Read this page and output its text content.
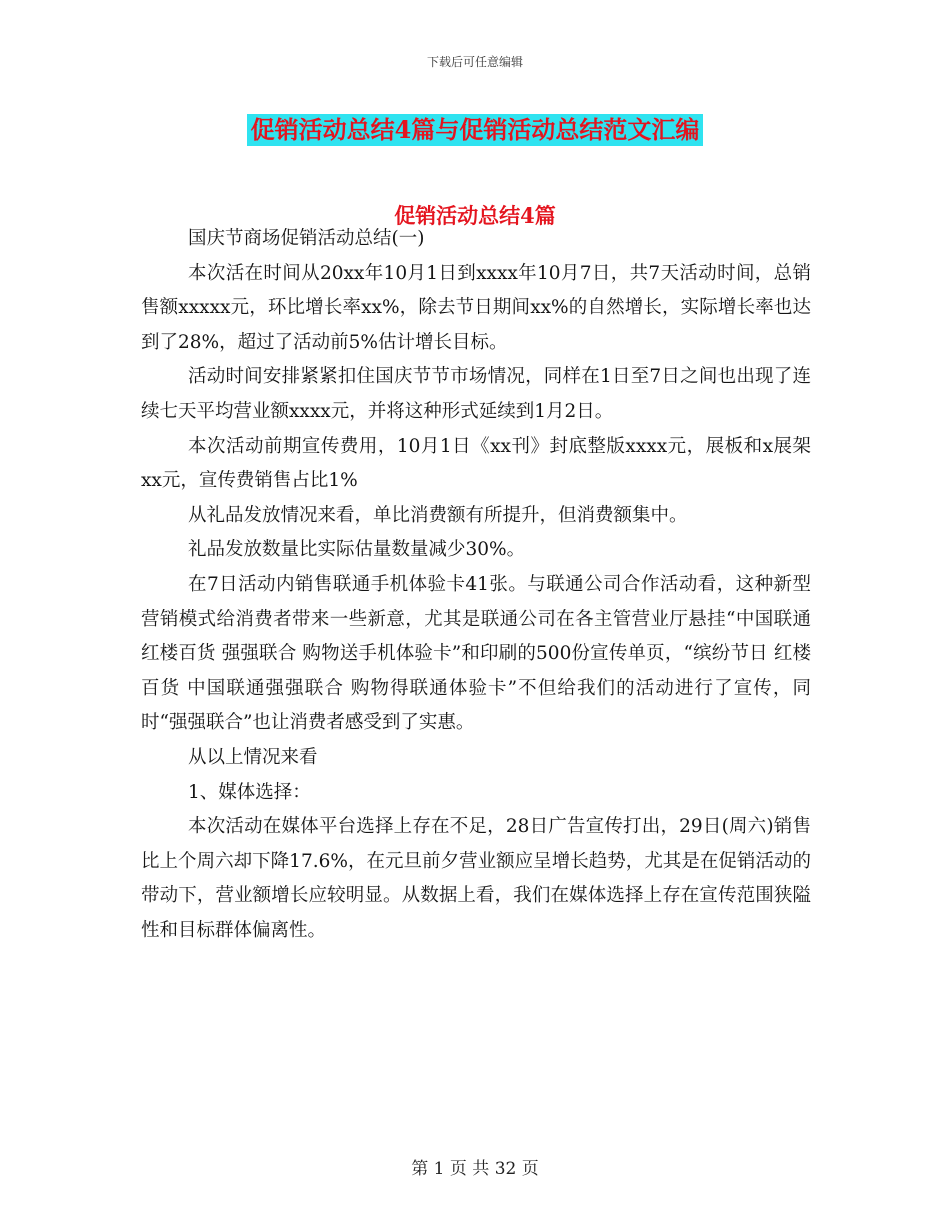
下载后可任意编辑
促销活动总结4篇与促销活动总结范文汇编
促销活动总结4篇

国庆节商场促销活动总结(一)

本次活在时间从20xx年10月1日到xxxx年10月7日，共7天活动时间，总销售额xxxxx元，环比增长率xx%，除去节日期间xx%的自然增长，实际增长率也达到了28%，超过了活动前5%估计增长目标。

活动时间安排紧紧扣住国庆节节市场情况，同样在1日至7日之间也出现了连续七天平均营业额xxxx元，并将这种形式延续到1月2日。

本次活动前期宣传费用，10月1日《xx刊》封底整版xxxx元，展板和x展架xx元，宣传费销售占比1%

从礼品发放情况来看，单比消费额有所提升，但消费额集中。

礼品发放数量比实际估量数量减少30%。

在7日活动内销售联通手机体验卡41张。与联通公司合作活动看，这种新型营销模式给消费者带来一些新意，尤其是联通公司在各主管营业厅悬挂“中国联通 红楼百货 强强联合 购物送手机体验卡”和印刷的500份宣传单页，“缤纷节日 红楼百货 中国联通强强联合 购物得联通体验卡”不但给我们的活动进行了宣传，同时“强强联合”也让消费者感受到了实惠。

从以上情况来看

1、媒体选择：

本次活动在媒体平台选择上存在不足，28日广告宣传打出，29日(周六)销售比上个周六却下降17.6%，在元旦前夕营业额应呈增长趋势，尤其是在促销活动的带动下，营业额增长应较明显。从数据上看，我们在媒体选择上存在宣传范围狭隘性和目标群体偏离性。

第 1 页 共 32 页
